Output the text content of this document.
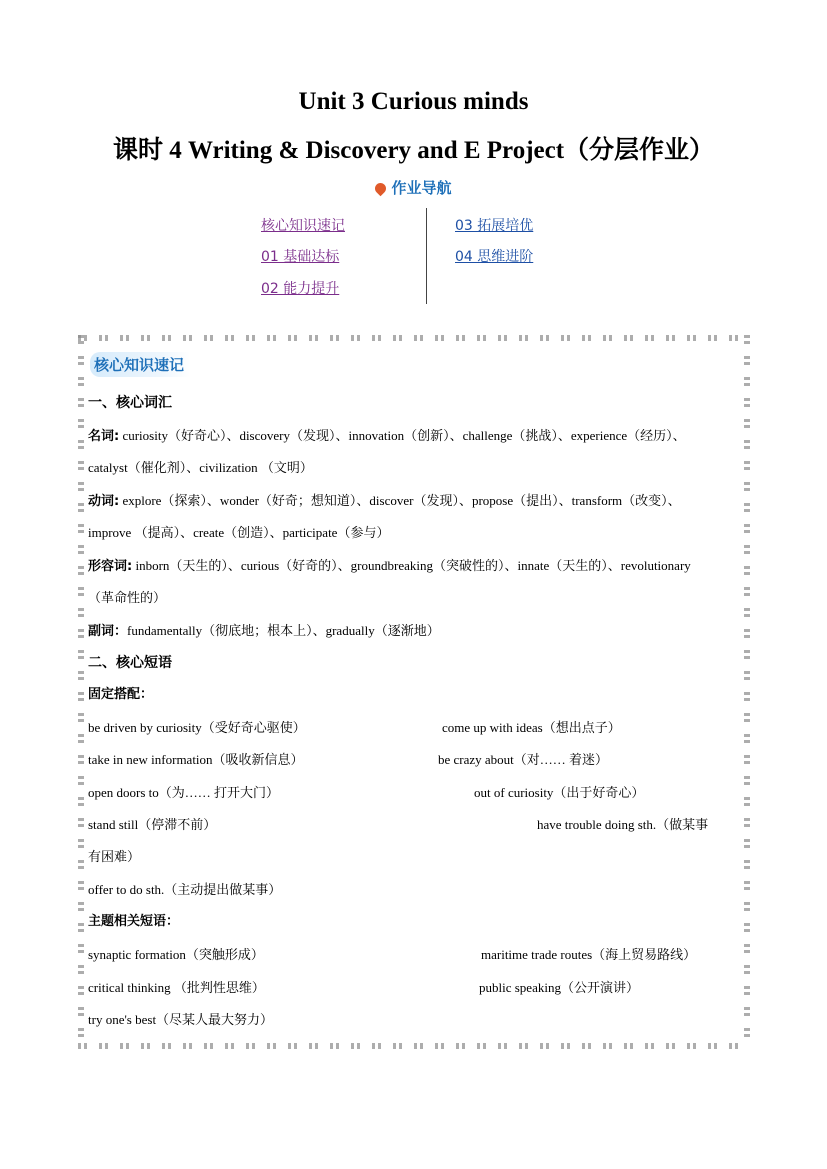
Unit 3 Curious minds
课时 4 Writing & Discovery and E Project（分层作业）
作业导航
核心知识速记
01 基础达标
02 能力提升
03 拓展培优
04 思维进阶
核心知识速记
一、核心词汇
名词: curiosity（好奇心）、discovery（发现）、innovation（创新）、challenge（挑战）、experience（经历）、
catalyst（催化剂）、civilization （文明）
动词: explore（探索）、wonder（好奇；想知道）、discover（发现）、propose（提出）、transform（改变）、
improve （提高）、create（创造）、participate（参与）
形容词: inborn（天生的）、curious（好奇的）、groundbreaking（突破性的）、innate（天生的）、revolutionary
（革命性的）
副词：fundamentally（彻底地；根本上）、gradually（逐渐地）
二、核心短语
固定搭配：
be driven by curiosity（受好奇心驱使）	come up with ideas（想出点子）
take in new information（吸收新信息）	be crazy about（对…… 着迷）
open doors to（为…… 打开大门）	out of curiosity（出于好奇心）
stand still（停滞不前）	have trouble doing sth.（做某事
有困难）
offer to do sth.（主动提出做某事）
主题相关短语：
synaptic formation（突触形成）	maritime trade routes（海上贸易路线）
critical thinking （批判性思维）	public speaking（公开演讲）
try one's best（尽某人最大努力）
